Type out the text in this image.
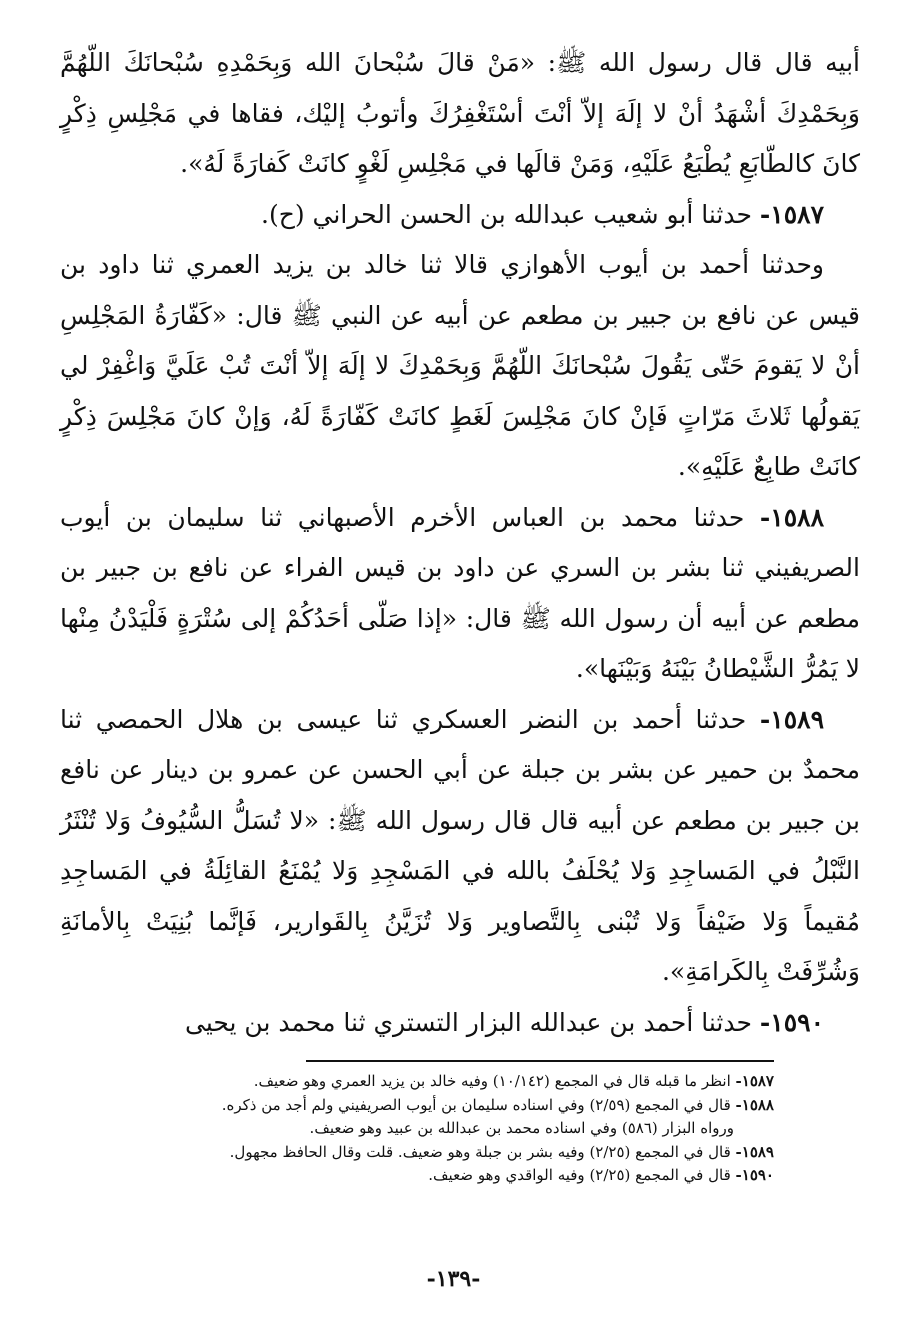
أبيه قال قال رسول الله ﷺ: «مَنْ قالَ سُبْحانَ الله وَبِحَمْدِهِ سُبْحانَكَ اللّهُمَّ وَبِحَمْدِكَ أشْهَدُ أنْ لا إلَهَ إلاّ أنْتَ أسْتَغْفِرُكَ وأتوبُ إليْك، فقاها في مَجْلِسِ ذِكْرٍ كانَ كالطّابَعِ يُطْبَعُ عَلَيْهِ، وَمَنْ قالَها في مَجْلِسِ لَغْوٍ كانَتْ كَفارَةً لَهُ».

١٥٨٧- حدثنا أبو شعيب عبدالله بن الحسن الحراني (ح).

وحدثنا أحمد بن أيوب الأهوازي قالا ثنا خالد بن يزيد العمري ثنا داود بن قيس عن نافع بن جبير بن مطعم عن أبيه عن النبي ﷺ قال: «كَفّارَةُ المَجْلِسِ أنْ لا يَقومَ حَتّى يَقُولَ سُبْحانَكَ اللّهُمَّ وَبِحَمْدِكَ لا إلَهَ إلاّ أنْتَ تُبْ عَلَيَّ وَاغْفِرْ لي يَقولُها ثَلاثَ مَرّاتٍ فَإنْ كانَ مَجْلِسَ لَغَطٍ كانَتْ كَفّارَةً لَهُ، وَإنْ كانَ مَجْلِسَ ذِكْرٍ كانَتْ طابِعٌ عَلَيْهِ».

١٥٨٨- حدثنا محمد بن العباس الأخرم الأصبهاني ثنا سليمان بن أيوب الصريفيني ثنا بشر بن السري عن داود بن قيس الفراء عن نافع بن جبير بن مطعم عن أبيه أن رسول الله ﷺ قال: «إذا صَلّى أحَدُكُمْ إلى سُتْرَةٍ فَلْيَدْنُ مِنْها لا يَمُرُّ الشَّيْطانُ بَيْنَهُ وَبَيْنَها».

١٥٨٩- حدثنا أحمد بن النضر العسكري ثنا عيسى بن هلال الحمصي ثنا محمدٌ بن حمير عن بشر بن جبلة عن أبي الحسن عن عمرو بن دينار عن نافع بن جبير بن مطعم عن أبيه قال قال رسول الله ﷺ: «لا تُسَلُّ السُّيُوفُ وَلا تُنْثَرُ النَّبْلُ في المَساجِدِ وَلا يُحْلَفُ بالله في المَسْجِدِ وَلا يُمْنَعُ القائِلَةُ في المَساجِدِ مُقيماً وَلا ضَيْفاً وَلا تُبْنى بِالتَّصاوير وَلا تُزَيَّنُ بِالقَوارير، فَإنَّما بُنِيَتْ بِالأمانَةِ وَشُرِّفَتْ بِالكَرامَةِ».

١٥٩٠- حدثنا أحمد بن عبدالله البزار التستري ثنا محمد بن يحيى

١٥٨٧- انظر ما قبله قال في المجمع (١٠/١٤٢) وفيه خالد بن يزيد العمري وهو ضعيف.

١٥٨٨- قال في المجمع (٢/٥٩) وفي اسناده سليمان بن أيوب الصريفيني ولم أجد من ذكره.

ورواه البزار (٥٨٦) وفي اسناده محمد بن عبدالله بن عبيد وهو ضعيف.

١٥٨٩- قال في المجمع (٢/٢٥) وفيه بشر بن جبلة وهو ضعيف. قلت وقال الحافظ مجهول.

١٥٩٠- قال في المجمع (٢/٢٥) وفيه الواقدي وهو ضعيف.

-١٣٩-
